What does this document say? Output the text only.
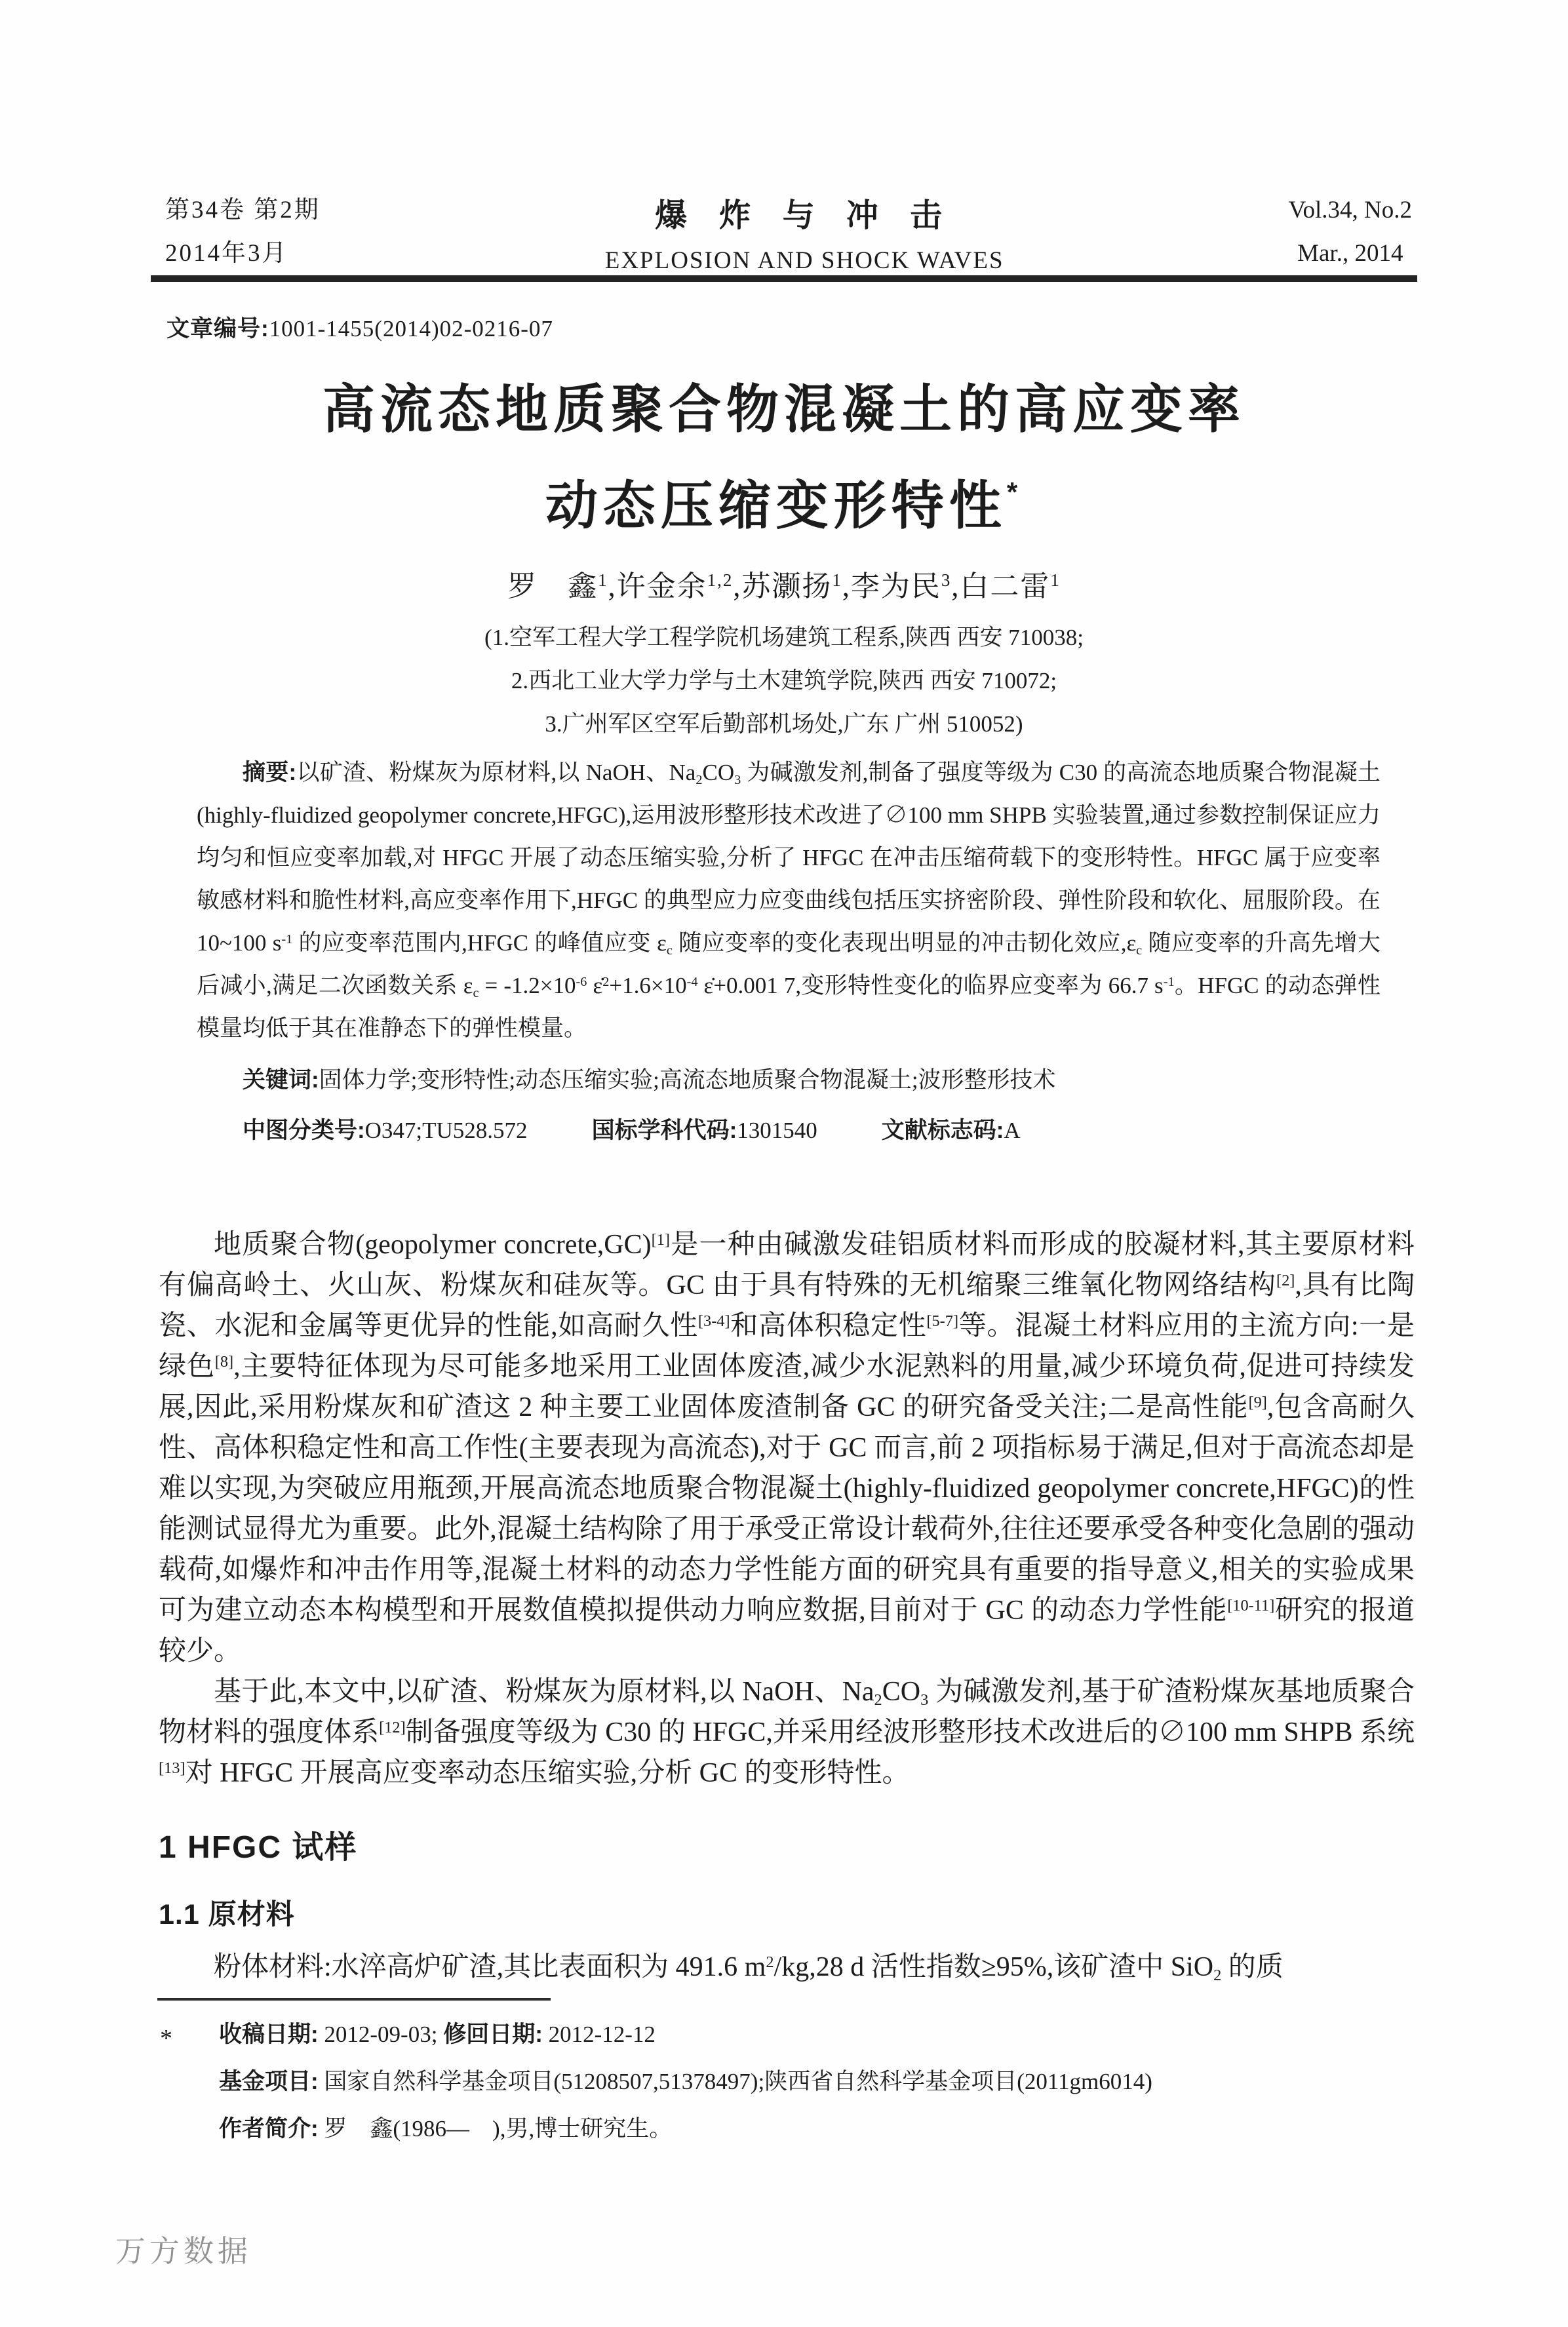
第34卷 第2期
2014年3月
爆 炸 与 冲 击
EXPLOSION AND SHOCK WAVES
Vol.34, No.2
Mar., 2014
文章编号:1001-1455(2014)02-0216-07
高流态地质聚合物混凝土的高应变率
动态压缩变形特性*
罗　鑫$^1$,许金余$^{1,2}$,苏灏扬$^1$,李为民$^3$,白二雷$^1$
(1.空军工程大学工程学院机场建筑工程系,陕西 西安 710038;
2.西北工业大学力学与土木建筑学院,陕西 西安 710072;
3.广州军区空军后勤部机场处,广东 广州 510052)

摘要:以矿渣、粉煤灰为原材料,以 NaOH、$Na_2CO_3$ 为碱激发剂,制备了强度等级为 C30 的高流态地质聚合物混凝土(highly-fluidized geopolymer concrete,HFGC),运用波形整形技术改进了∅100 mm SHPB 实验装置,通过参数控制保证应力均匀和恒应变率加载,对 HFGC 开展了动态压缩实验,分析了 HFGC 在冲击压缩荷载下的变形特性。HFGC 属于应变率敏感材料和脆性材料,高应变率作用下,HFGC 的典型应力应变曲线包括压实挤密阶段、弹性阶段和软化、屈服阶段。在 10~100 $s^{-1}$ 的应变率范围内,HFGC 的峰值应变 $\varepsilon_c$ 随应变率的变化表现出明显的冲击韧化效应$,\varepsilon_c$ 随应变率的升高先增大后减小,满足二次函数关系 $\varepsilon_c = -1.2\times 10^{-6}$ $\varepsiloṅ^2+1.6\times 10^{-4}$ ε̇+0.001 7,变形特性变化的临界应变率为 66.7 $s^{-1}$。HFGC 的动态弹性模量均低于其在准静态下的弹性模量。

关键词:固体力学;变形特性;动态压缩实验;高流态地质聚合物混凝土;波形整形技术

中图分类号:O347;TU528.572	国标学科代码:1301540	文献标志码:A

地质聚合物(geopolymer concrete,GC)[1]是一种由碱激发硅铝质材料而形成的胶凝材料,其主要原材料有偏高岭土、火山灰、粉煤灰和硅灰等。GC 由于具有特殊的无机缩聚三维氧化物网络结构[2],具有比陶瓷、水泥和金属等更优异的性能,如高耐久性[3-4]和高体积稳定性[5-7]等。混凝土材料应用的主流方向:一是绿色[8],主要特征体现为尽可能多地采用工业固体废渣,减少水泥熟料的用量,减少环境负荷,促进可持续发展,因此,采用粉煤灰和矿渣这 2 种主要工业固体废渣制备 GC 的研究备受关注;二是高性能[9],包含高耐久性、高体积稳定性和高工作性(主要表现为高流态),对于 GC 而言,前 2 项指标易于满足,但对于高流态却是难以实现,为突破应用瓶颈,开展高流态地质聚合物混凝土(highly-fluidized geopolymer concrete,HFGC)的性能测试显得尤为重要。此外,混凝土结构除了用于承受正常设计载荷外,往往还要承受各种变化急剧的强动载荷,如爆炸和冲击作用等,混凝土材料的动态力学性能方面的研究具有重要的指导意义,相关的实验成果可为建立动态本构模型和开展数值模拟提供动力响应数据,目前对于 GC 的动态力学性能[10-11]研究的报道较少。

基于此,本文中,以矿渣、粉煤灰为原材料,以 NaOH、$Na_2CO_3$ 为碱激发剂,基于矿渣粉煤灰基地质聚合物材料的强度体系[12]制备强度等级为 C30 的 HFGC,并采用经波形整形技术改进后的∅100 mm SHPB 系统[13]对 HFGC 开展高应变率动态压缩实验,分析 GC 的变形特性。

1 HFGC 试样
1.1 原材料

粉体材料:水淬高炉矿渣,其比表面积为 491.6 $m^2/kg,28$ d 活性指数≥95%,该矿渣中 SiO$_2$ 的质

* 收稿日期: 2012-09-03; 修回日期: 2012-12-12
基金项目: 国家自然科学基金项目(51208507,51378497);陕西省自然科学基金项目(2011gm6014)
作者简介: 罗　鑫(1986—　),男,博士研究生。
万方数据
